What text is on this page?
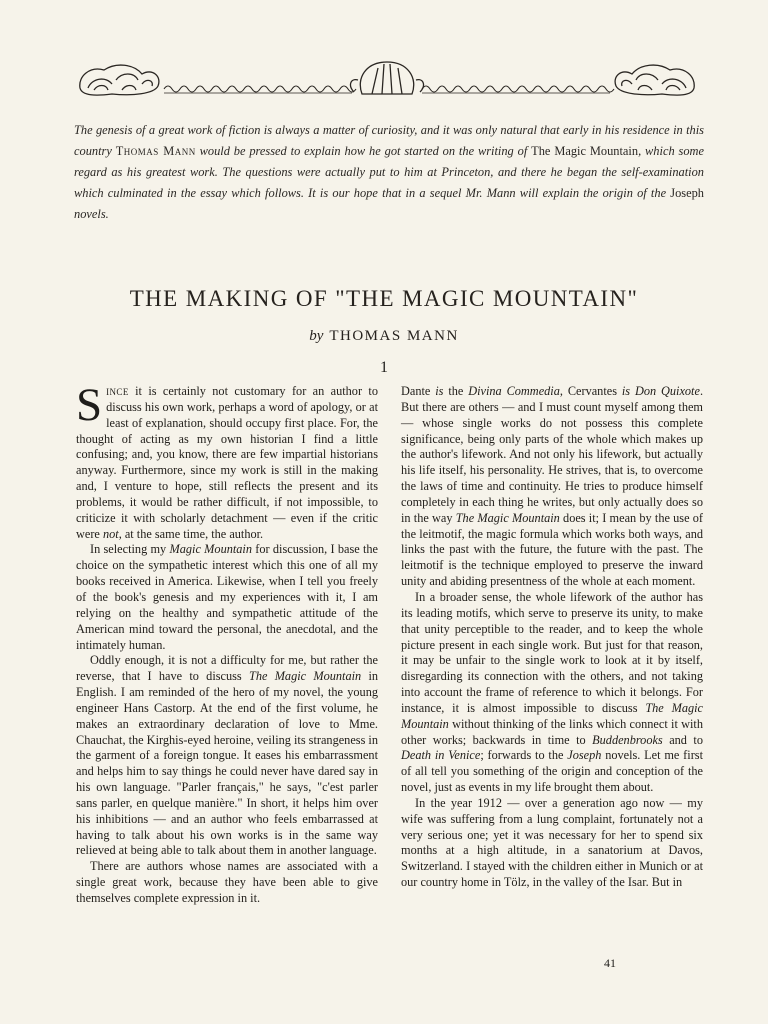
The genesis of a great work of fiction is always a matter of curiosity, and it was only natural that early in his residence in this country Thomas Mann would be pressed to explain how he got started on the writing of The Magic Mountain, which some regard as his greatest work. The questions were actually put to him at Princeton, and there he began the self-examination which culminated in the essay which follows. It is our hope that in a sequel Mr. Mann will explain the origin of the Joseph novels.
THE MAKING OF "THE MAGIC MOUNTAIN"
by THOMAS MANN
1

Since it is certainly not customary for an author to discuss his own work, perhaps a word of apology, or at least of explanation, should occupy first place. For, the thought of acting as my own historian I find a little confusing; and, you know, there are few impartial historians anyway. Furthermore, since my work is still in the making and, I venture to hope, still reflects the present and its problems, it would be rather difficult, if not impossible, to criticize it with scholarly detachment — even if the critic were not, at the same time, the author.

In selecting my Magic Mountain for discussion, I base the choice on the sympathetic interest which this one of all my books received in America. Likewise, when I tell you freely of the book's genesis and my experiences with it, I am relying on the healthy and sympathetic attitude of the American mind toward the personal, the anecdotal, and the intimately human.

Oddly enough, it is not a difficulty for me, but rather the reverse, that I have to discuss The Magic Mountain in English. I am reminded of the hero of my novel, the young engineer Hans Castorp. At the end of the first volume, he makes an extraordinary declaration of love to Mme. Chauchat, the Kirghis-eyed heroine, veiling its strangeness in the garment of a foreign tongue. It eases his embarrassment and helps him to say things he could never have dared say in his own language. "Parler français," he says, "c'est parler sans parler, en quelque manière." In short, it helps him over his inhibitions — and an author who feels embarrassed at having to talk about his own works is in the same way relieved at being able to talk about them in another language.

There are authors whose names are associated with a single great work, because they have been able to give themselves complete expression in it.

Dante is the Divina Commedia, Cervantes is Don Quixote. But there are others — and I must count myself among them — whose single works do not possess this complete significance, being only parts of the whole which makes up the author's lifework. And not only his lifework, but actually his life itself, his personality. He strives, that is, to overcome the laws of time and continuity. He tries to produce himself completely in each thing he writes, but only actually does so in the way The Magic Mountain does it; I mean by the use of the leitmotif, the magic formula which works both ways, and links the past with the future, the future with the past. The leitmotif is the technique employed to preserve the inward unity and abiding presentness of the whole at each moment.

In a broader sense, the whole lifework of the author has its leading motifs, which serve to preserve its unity, to make that unity perceptible to the reader, and to keep the whole picture present in each single work. But just for that reason, it may be unfair to the single work to look at it by itself, disregarding its connection with the others, and not taking into account the frame of reference to which it belongs. For instance, it is almost impossible to discuss The Magic Mountain without thinking of the links which connect it with other works; backwards in time to Buddenbrooks and to Death in Venice; forwards to the Joseph novels. Let me first of all tell you something of the origin and conception of the novel, just as events in my life brought them about.

In the year 1912 — over a generation ago now — my wife was suffering from a lung complaint, fortunately not a very serious one; yet it was necessary for her to spend six months at a high altitude, in a sanatorium at Davos, Switzerland. I stayed with the children either in Munich or at our country home in Tölz, in the valley of the Isar. But in

41
